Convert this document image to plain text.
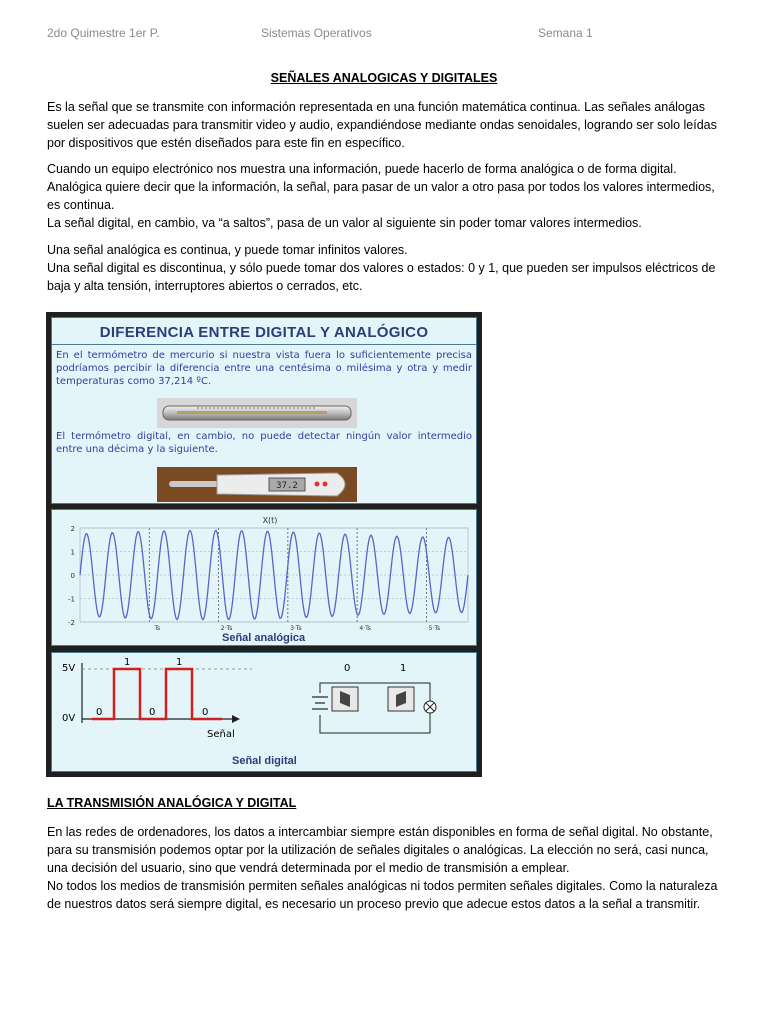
2do Quimestre 1er P.	Sistemas Operativos	Semana 1
SEÑALES ANALOGICAS Y DIGITALES

Es la señal que se transmite con información representada en una función matemática continua. Las señales análogas suelen ser adecuadas para transmitir video y audio, expandiéndose mediante ondas senoidales, logrando ser solo leídas por dispositivos que estén diseñados para este fin en específico.

Cuando un equipo electrónico nos muestra una información, puede hacerlo de forma analógica o de forma digital. Analógica quiere decir que la información, la señal, para pasar de un valor a otro pasa por todos los valores intermedios, es continua.

La señal digital, en cambio, va “a saltos”, pasa de un valor al siguiente sin poder tomar valores intermedios.

Una señal analógica es continua, y puede tomar infinitos valores.

Una señal digital es discontinua, y sólo puede tomar dos valores o estados: 0 y 1, que pueden ser impulsos eléctricos de baja y alta tensión, interruptores abiertos o cerrados, etc.

DIFERENCIA ENTRE DIGITAL Y ANALÓGICO

En el termómetro de mercurio si nuestra vista fuera lo suficientemente precisa podríamos percibir la diferencia entre una centésima o milésima y otra y medir temperaturas como 37,214 ºC.

El termómetro digital, en cambio, no puede detectar ningún valor intermedio entre una décima y la siguiente.

37.2
X(t)
2
1
0
-1
-2
Ts	2·Ts	3·Ts	4·Ts	5·Ts
Señal analógica
5V
0V
1	1
0	0	0
Señal
0	1
Señal digital
LA TRANSMISIÓN ANALÓGICA Y DIGITAL

En las redes de ordenadores, los datos a intercambiar siempre están disponibles en forma de señal digital. No obstante, para su transmisión podemos optar por la utilización de señales digitales o analógicas. La elección no será, casi nunca, una decisión del usuario, sino que vendrá determinada por el medio de transmisión a emplear.

No todos los medios de transmisión permiten señales analógicas ni todos permiten señales digitales. Como la naturaleza de nuestros datos será siempre digital, es necesario un proceso previo que adecue estos datos a la señal a transmitir.
